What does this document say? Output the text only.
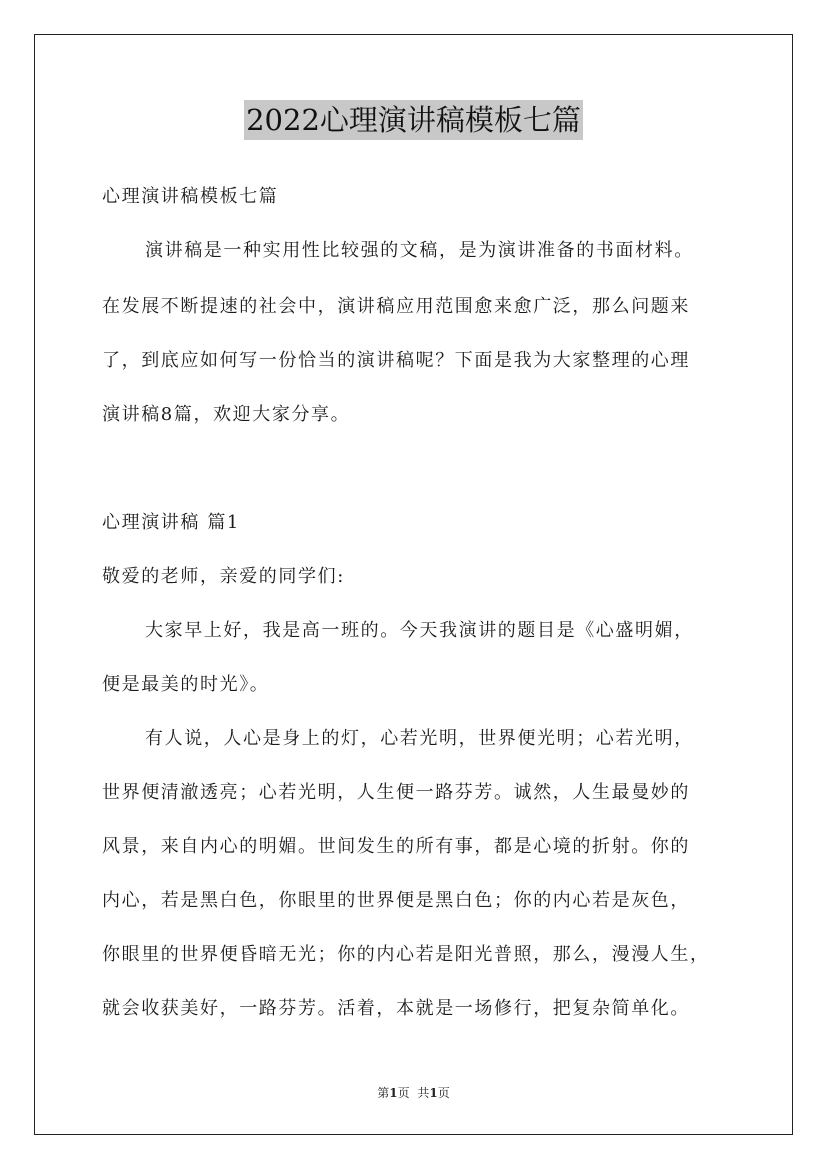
2022心理演讲稿模板七篇
心理演讲稿模板七篇
演讲稿是一种实用性比较强的文稿，是为演讲准备的书面材料。
在发展不断提速的社会中，演讲稿应用范围愈来愈广泛，那么问题来
了，到底应如何写一份恰当的演讲稿呢？下面是我为大家整理的心理
演讲稿8篇，欢迎大家分享。
心理演讲稿 篇1
敬爱的老师，亲爱的同学们:
大家早上好，我是高一班的。今天我演讲的题目是《心盛明媚，
便是最美的时光》。
有人说，人心是身上的灯，心若光明，世界便光明；心若光明，
世界便清澈透亮；心若光明，人生便一路芬芳。诚然，人生最曼妙的
风景，来自内心的明媚。世间发生的所有事，都是心境的折射。你的
内心，若是黑白色，你眼里的世界便是黑白色；你的内心若是灰色，
你眼里的世界便昏暗无光；你的内心若是阳光普照，那么，漫漫人生，
就会收获美好，一路芬芳。活着，本就是一场修行，把复杂简单化。
第1页 共1页
